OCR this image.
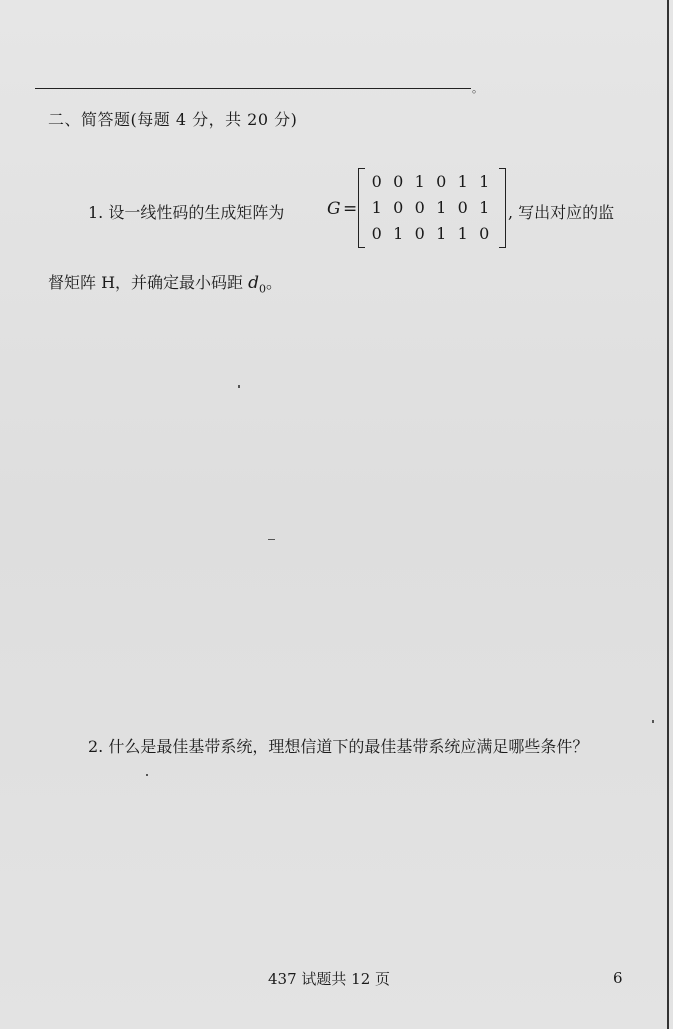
。
二、简答题(每题 4 分，共 20 分)
1. 设一线性码的生成矩阵为	G =
0 0 1 0 1 1
1 0 0 1 0 1
0 1 0 1 1 0
, 写出对应的监
督矩阵 H，并确定最小码距 $d_0$。
2. 什么是最佳基带系统，理想信道下的最佳基带系统应满足哪些条件？
437 试题共 12 页	6
